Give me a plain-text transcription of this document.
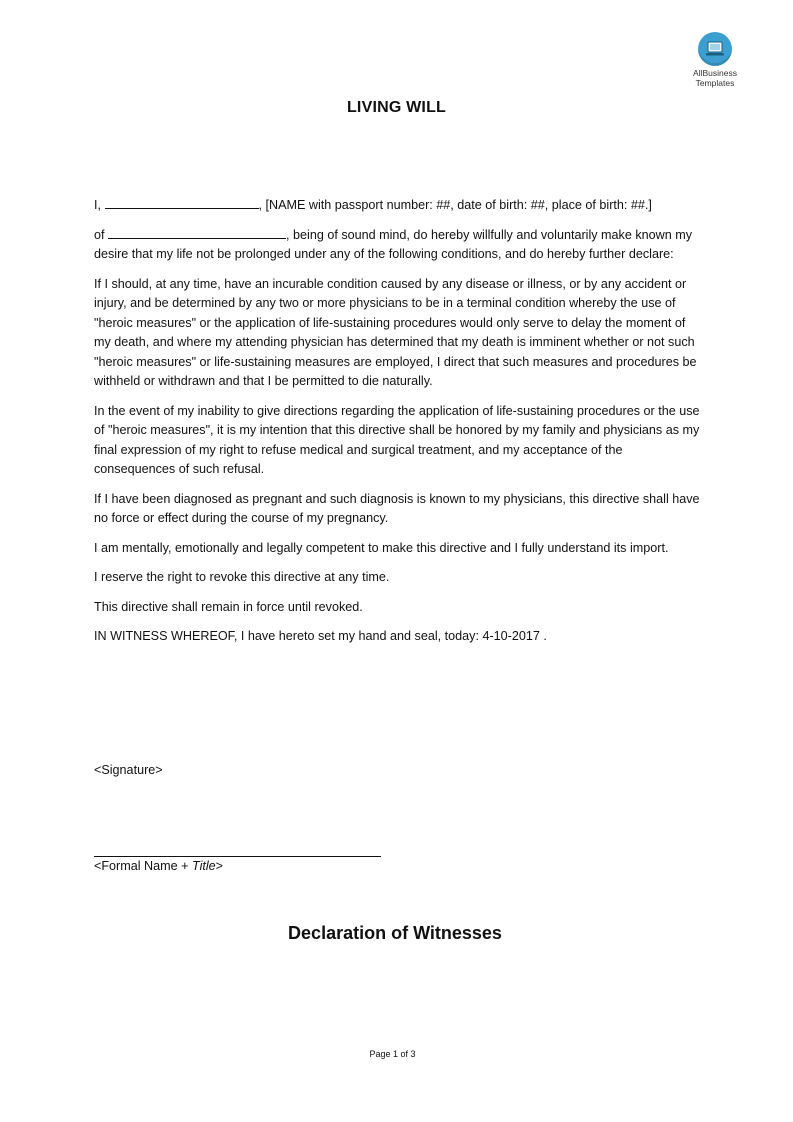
AllBusiness
Templates
LIVING WILL

I,	, [NAME with passport number: ##, date of birth: ##, place of birth: ##.]

of	, being of sound mind, do hereby willfully and voluntarily make known my desire that my life not be prolonged under any of the following conditions, and do hereby further declare:

If I should, at any time, have an incurable condition caused by any disease or illness, or by any accident or injury, and be determined by any two or more physicians to be in a terminal condition whereby the use of "heroic measures" or the application of life-sustaining procedures would only serve to delay the moment of my death, and where my attending physician has determined that my death is imminent whether or not such "heroic measures" or life-sustaining measures are employed, I direct that such measures and procedures be withheld or withdrawn and that I be permitted to die naturally.

In the event of my inability to give directions regarding the application of life-sustaining procedures or the use of "heroic measures", it is my intention that this directive shall be honored by my family and physicians as my final expression of my right to refuse medical and surgical treatment, and my acceptance of the consequences of such refusal.

If I have been diagnosed as pregnant and such diagnosis is known to my physicians, this directive shall have no force or effect during the course of my pregnancy.

I am mentally, emotionally and legally competent to make this directive and I fully understand its import.

I reserve the right to revoke this directive at any time.

This directive shall remain in force until revoked.

IN WITNESS WHEREOF, I have hereto set my hand and seal, today: 4-10-2017 .

<Signature>
<Formal Name + Title>
Declaration of Witnesses
Page 1 of 3
